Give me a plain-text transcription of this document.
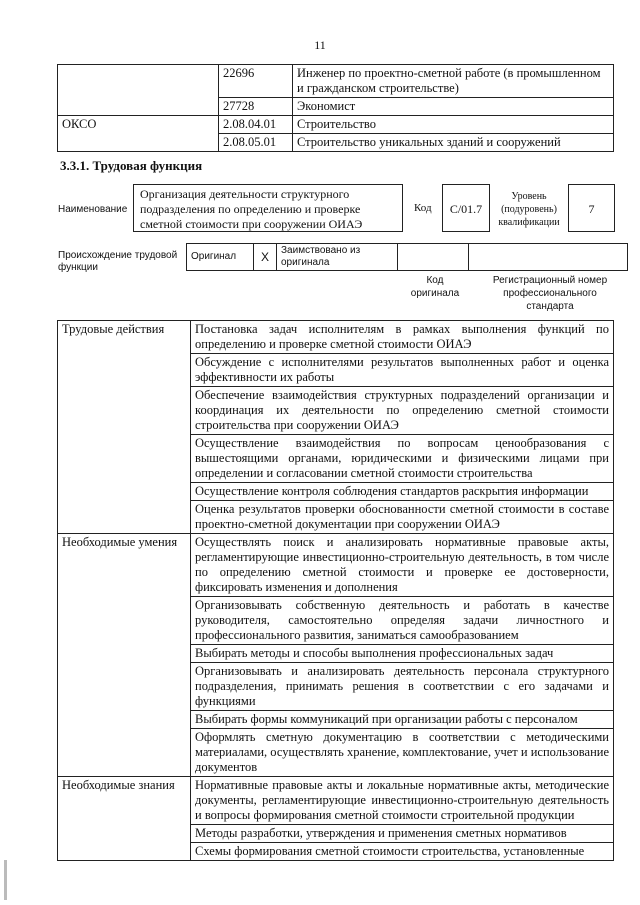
11
	22696	Инженер по проектно-сметной работе (в промышленном и гражданском строительстве)
	27728	Экономист
ОКСО	2.08.04.01	Строительство
	2.08.05.01	Строительство уникальных зданий и сооружений
3.3.1. Трудовая функция
Наименование
Организация деятельности структурного подразделения по определению и проверке сметной стоимости при сооружении ОИАЭ
Код	C/01.7
Уровень (подуровень) квалификации
7
Происхождение трудовой функции
Оригинал	X	Заимствовано из оригинала		
Код оригинала
Регистрационный номер профессионального стандарта
Трудовые действия	Постановка задач исполнителям в рамках выполнения функций по определению и проверке сметной стоимости ОИАЭ
	Обсуждение с исполнителями результатов выполненных работ и оценка эффективности их работы
	Обеспечение взаимодействия структурных подразделений организации и координация их деятельности по определению сметной стоимости строительства при сооружении ОИАЭ
	Осуществление взаимодействия по вопросам ценообразования с вышестоящими органами, юридическими и физическими лицами при определении и согласовании сметной стоимости строительства
	Осуществление контроля соблюдения стандартов раскрытия информации
	Оценка результатов проверки обоснованности сметной стоимости в составе проектно-сметной документации при сооружении ОИАЭ
Необходимые умения	Осуществлять поиск и анализировать нормативные правовые акты, регламентирующие инвестиционно-строительную деятельность, в том числе по определению сметной стоимости и проверке ее достоверности, фиксировать изменения и дополнения
	Организовывать собственную деятельность и работать в качестве руководителя, самостоятельно определяя задачи личностного и профессионального развития, заниматься самообразованием
	Выбирать методы и способы выполнения профессиональных задач
	Организовывать и анализировать деятельность персонала структурного подразделения, принимать решения в соответствии с его задачами и функциями
	Выбирать формы коммуникаций при организации работы с персоналом
	Оформлять сметную документацию в соответствии с методическими материалами, осуществлять хранение, комплектование, учет и использование документов
Необходимые знания	Нормативные правовые акты и локальные нормативные акты, методические документы, регламентирующие инвестиционно-строительную деятельность и вопросы формирования сметной стоимости строительной продукции
	Методы разработки, утверждения и применения сметных нормативов
	Схемы формирования сметной стоимости строительства, установленные
